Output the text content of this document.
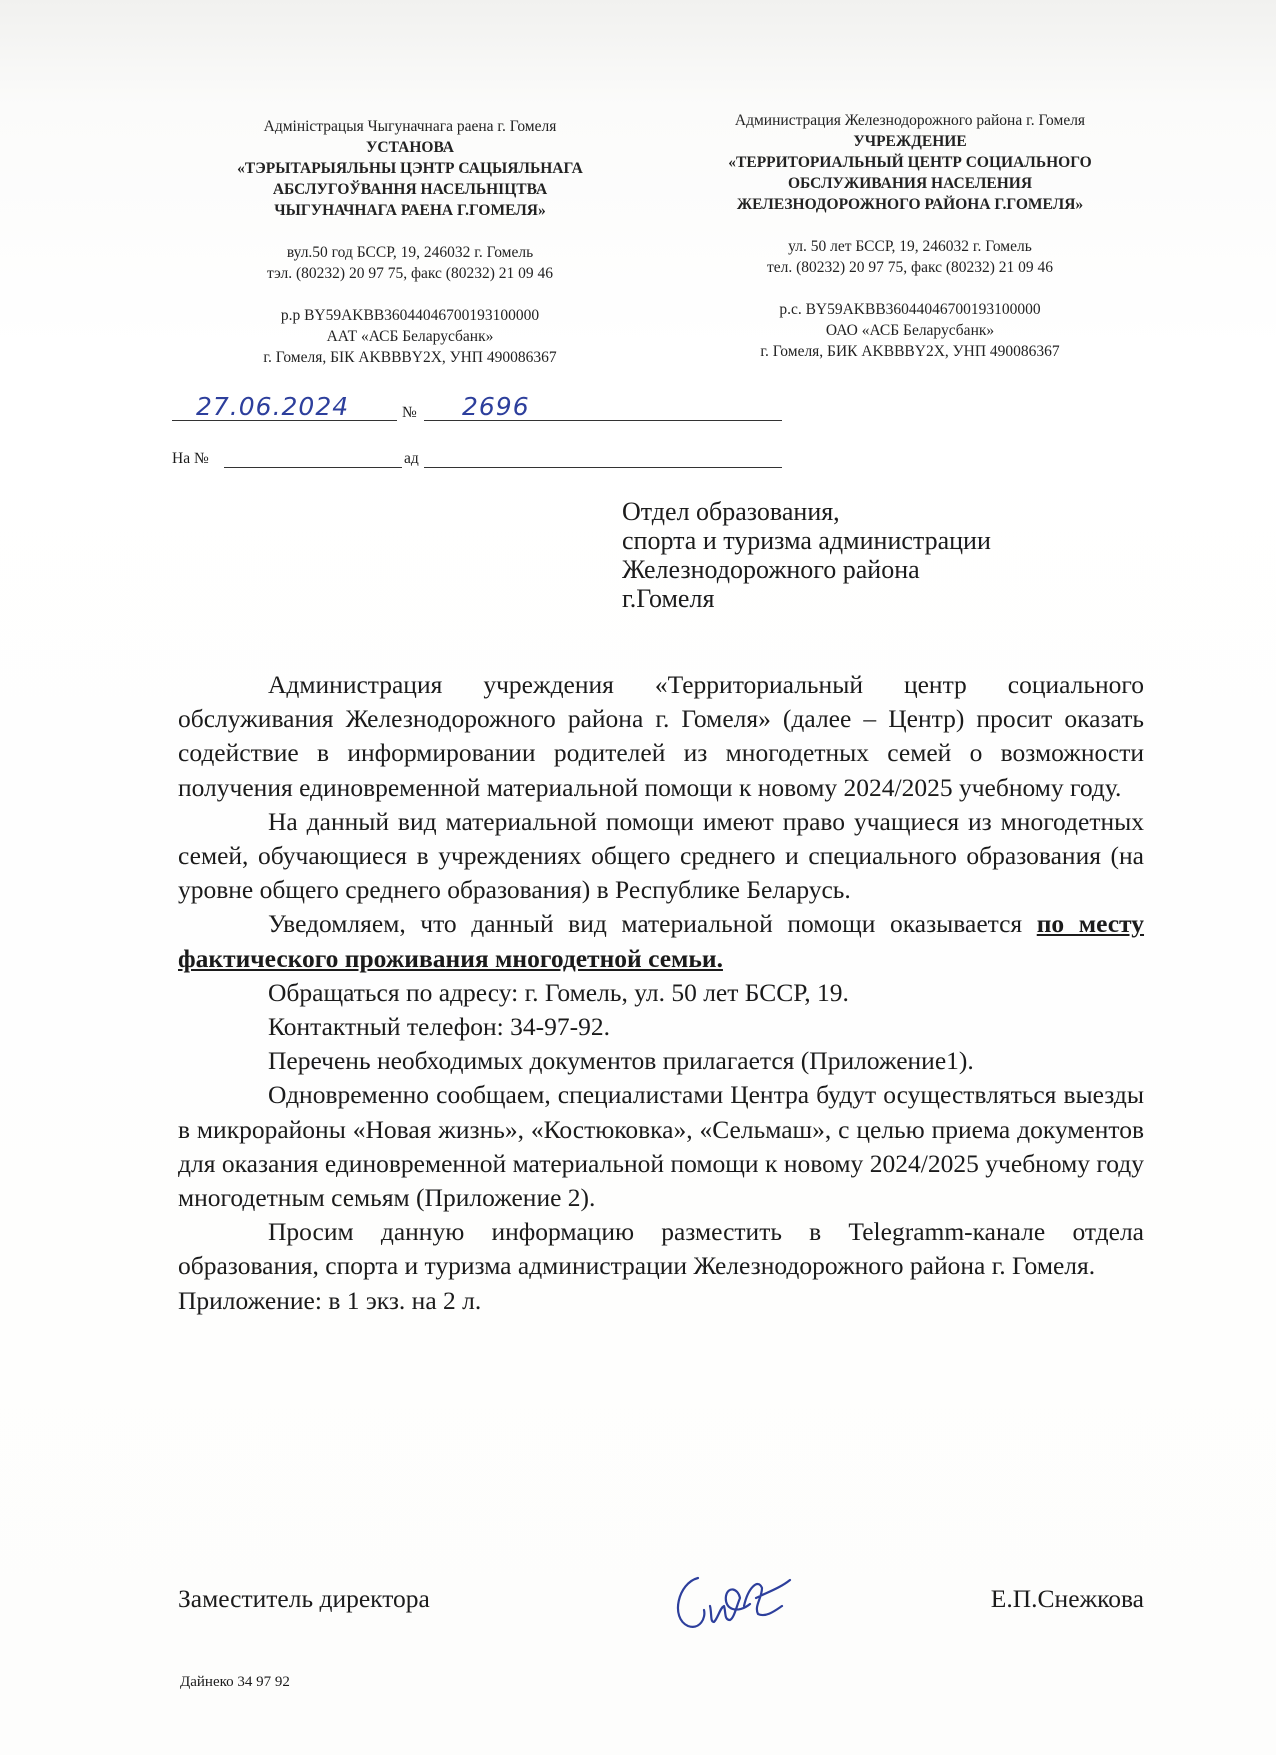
Адміністрацыя Чыгуначнага раена г. Гомеля
УСТАНОВА
«ТЭРЫТАРЫЯЛЬНЫ ЦЭНТР САЦЫЯЛЬНАГА
АБСЛУГОЎВАННЯ НАСЕЛЬНІЦТВА
ЧЫГУНАЧНАГА РАЕНА Г.ГОМЕЛЯ»
вул.50 год БССР, 19, 246032 г. Гомель
тэл. (80232) 20 97 75, факс (80232) 21 09 46
р.р BY59AKBB36044046700193100000
ААТ «АСБ Беларусбанк»
г. Гомеля, БІК AKBBBY2X, УНП 490086367
Администрация Железнодорожного района г. Гомеля
УЧРЕЖДЕНИЕ
«ТЕРРИТОРИАЛЬНЫЙ ЦЕНТР СОЦИАЛЬНОГО
ОБСЛУЖИВАНИЯ НАСЕЛЕНИЯ
ЖЕЛЕЗНОДОРОЖНОГО РАЙОНА Г.ГОМЕЛЯ»
ул. 50 лет БССР, 19, 246032 г. Гомель
тел. (80232) 20 97 75, факс (80232) 21 09 46
р.с. BY59AKBB36044046700193100000
ОАО «АСБ Беларусбанк»
г. Гомеля, БИК AKBBBY2X, УНП 490086367
27.06.2024	№ 2696
На №	ад
Отдел образования,
спорта и туризма администрации
Железнодорожного района
г.Гомеля

Администрация учреждения «Территориальный центр социального обслуживания Железнодорожного района г. Гомеля» (далее – Центр) просит оказать содействие в информировании родителей из многодетных семей о возможности получения единовременной материальной помощи к новому 2024/2025 учебному году.

На данный вид материальной помощи имеют право учащиеся из многодетных семей, обучающиеся в учреждениях общего среднего и специального образования (на уровне общего среднего образования) в Республике Беларусь.

Уведомляем, что данный вид материальной помощи оказывается по месту фактического проживания многодетной семьи.

Обращаться по адресу: г. Гомель, ул. 50 лет БССР, 19.

Контактный телефон: 34-97-92.

Перечень необходимых документов прилагается (Приложение1).

Одновременно сообщаем, специалистами Центра будут осуществляться выезды в микрорайоны «Новая жизнь», «Костюковка», «Сельмаш», с целью приема документов для оказания единовременной материальной помощи к новому 2024/2025 учебному году многодетным семьям (Приложение 2).

Просим данную информацию разместить в Telegramm-канале отдела образования, спорта и туризма администрации Железнодорожного района г. Гомеля.

Приложение: в 1 экз. на 2 л.

Заместитель директора	Е.П.Снежкова
Дайнеко 34 97 92
